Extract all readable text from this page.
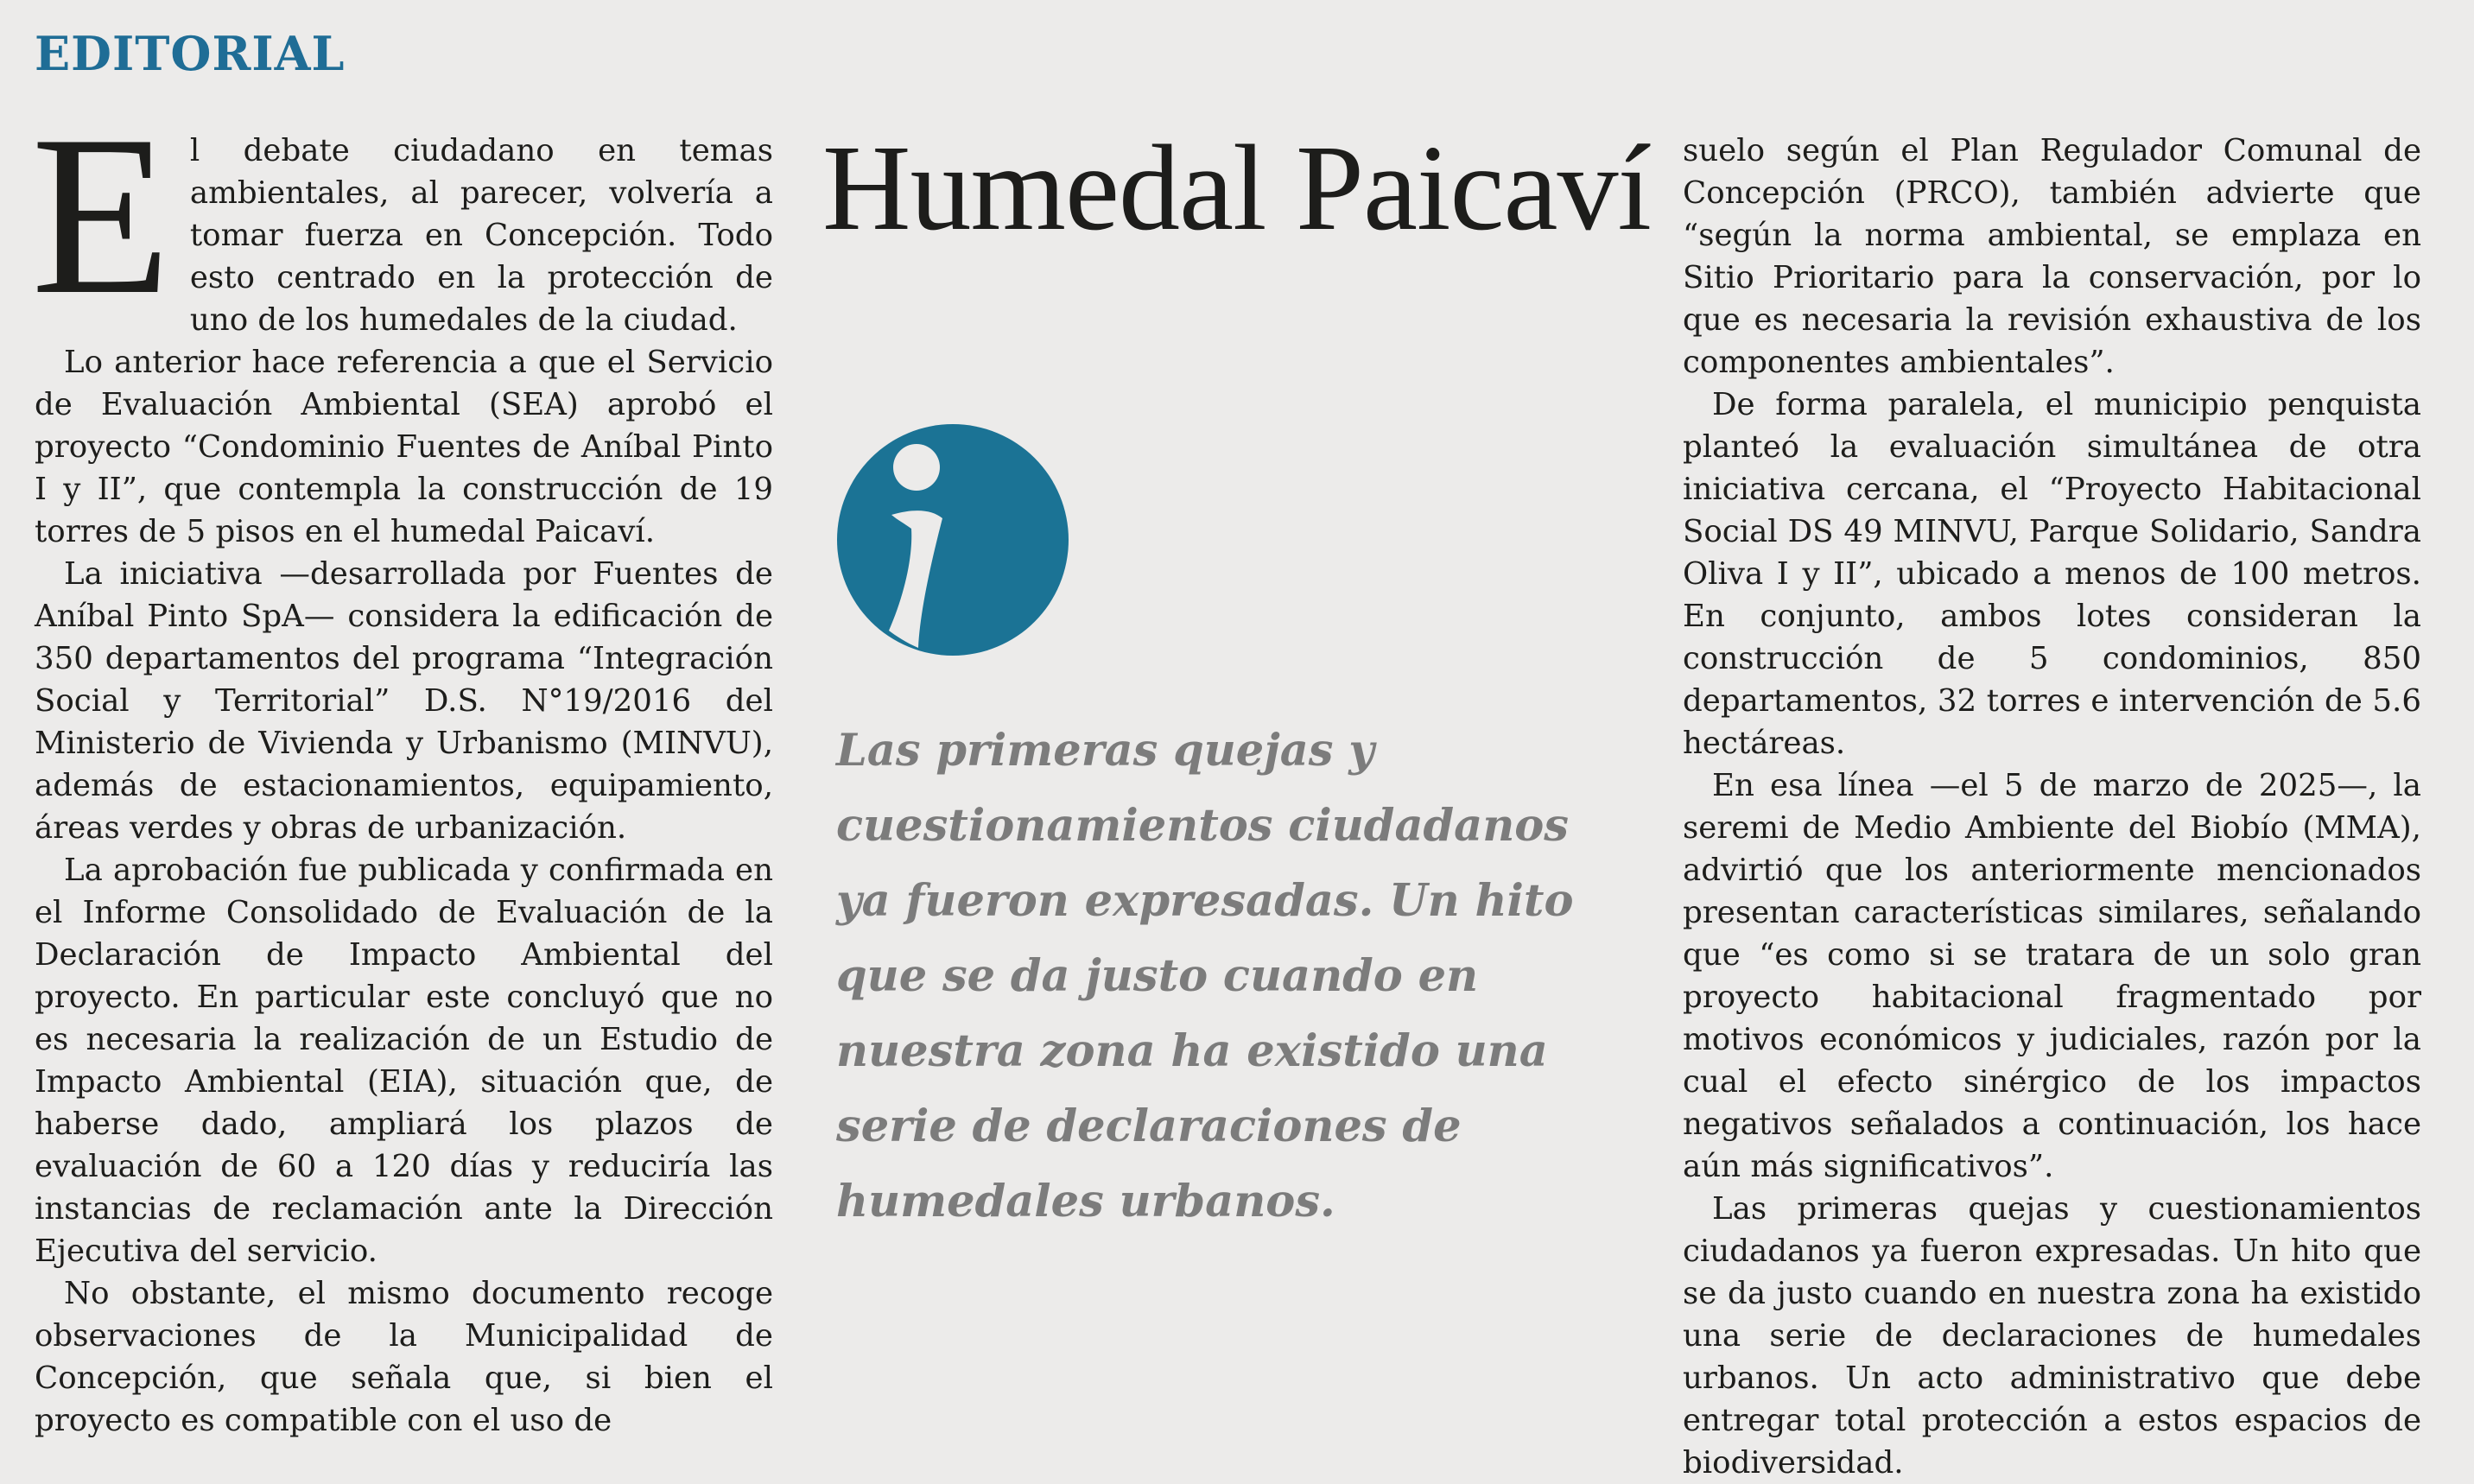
EDITORIAL

El debate ciudadano en temas ambientales, al parecer, volvería a tomar fuerza en Concepción. Todo esto centrado en la protección de uno de los humedales de la ciudad.

Lo anterior hace referencia a que el Servicio de Evaluación Ambiental (SEA) aprobó el proyecto “Condominio Fuentes de Aníbal Pinto I y II”, que contempla la construcción de 19 torres de 5 pisos en el humedal Paicaví.

La iniciativa —desarrollada por Fuentes de Aníbal Pinto SpA— considera la edificación de 350 departamentos del programa “Integración Social y Territorial” D.S. N°19/2016 del Ministerio de Vivienda y Urbanismo (MINVU), además de estacionamientos, equipamiento, áreas verdes y obras de urbanización.

La aprobación fue publicada y confirmada en el Informe Consolidado de Evaluación de la Declaración de Impacto Ambiental del proyecto. En particular este concluyó que no es necesaria la realización de un Estudio de Impacto Ambiental (EIA), situación que, de haberse dado, ampliará los plazos de evaluación de 60 a 120 días y reduciría las instancias de reclamación ante la Dirección Ejecutiva del servicio.

No obstante, el mismo documento recoge observaciones de la Municipalidad de Concepción, que señala que, si bien el proyecto es compatible con el uso de

Humedal Paicaví

Las primeras quejas y cuestionamientos ciudadanos ya fueron expresadas. Un hito que se da justo cuando en nuestra zona ha existido una serie de declaraciones de humedales urbanos.

suelo según el Plan Regulador Comunal de Concepción (PRCO), también advierte que “según la norma ambiental, se emplaza en Sitio Prioritario para la conservación, por lo que es necesaria la revisión exhaustiva de los componentes ambientales”.

De forma paralela, el municipio penquista planteó la evaluación simultánea de otra iniciativa cercana, el “Proyecto Habitacional Social DS 49 MINVU, Parque Solidario, Sandra Oliva I y II”, ubicado a menos de 100 metros. En conjunto, ambos lotes consideran la construcción de 5 condominios, 850 departamentos, 32 torres e intervención de 5.6 hectáreas.

En esa línea —el 5 de marzo de 2025—, la seremi de Medio Ambiente del Biobío (MMA), advirtió que los anteriormente mencionados presentan características similares, señalando que “es como si se tratara de un solo gran proyecto habitacional fragmentado por motivos económicos y judiciales, razón por la cual el efecto sinérgico de los impactos negativos señalados a continuación, los hace aún más significativos”.

Las primeras quejas y cuestionamientos ciudadanos ya fueron expresadas. Un hito que se da justo cuando en nuestra zona ha existido una serie de declaraciones de humedales urbanos. Un acto administrativo que debe entregar total protección a estos espacios de biodiversidad.
